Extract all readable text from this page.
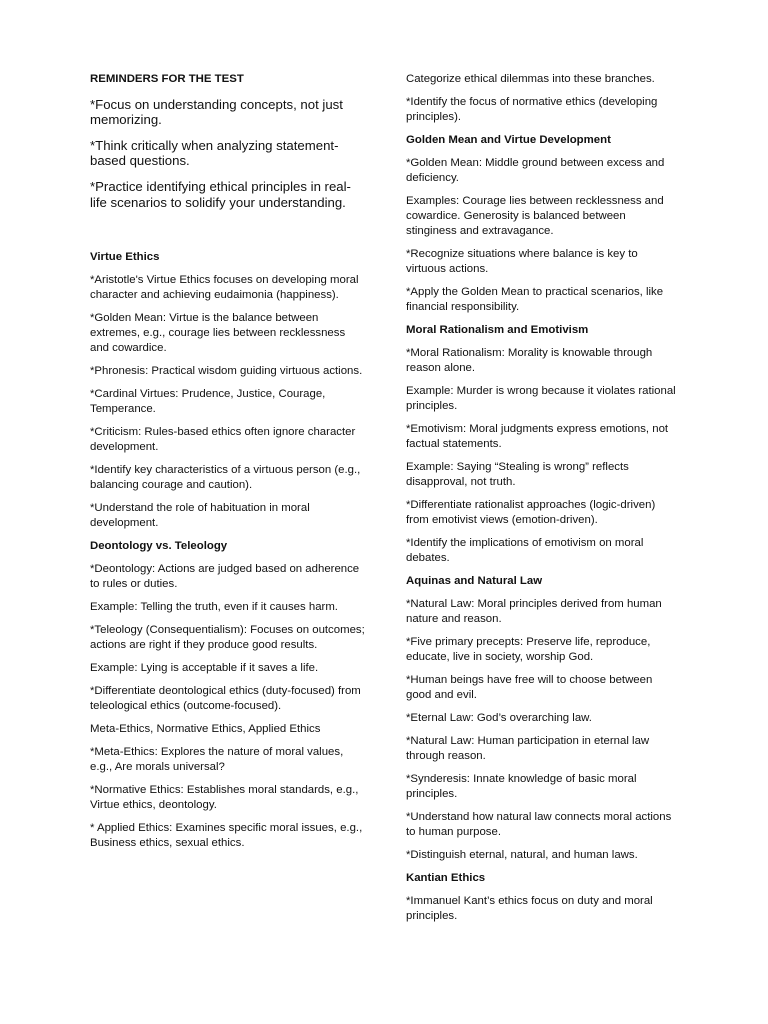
REMINDERS FOR THE TEST

*Focus on understanding concepts, not just memorizing.

*Think critically when analyzing statement-based questions.

*Practice identifying ethical principles in real-life scenarios to solidify your understanding.

Virtue Ethics

*Aristotle's Virtue Ethics focuses on developing moral character and achieving eudaimonia (happiness).

*Golden Mean: Virtue is the balance between extremes, e.g., courage lies between recklessness and cowardice.

*Phronesis: Practical wisdom guiding virtuous actions.

*Cardinal Virtues: Prudence, Justice, Courage, Temperance.

*Criticism: Rules-based ethics often ignore character development.

*Identify key characteristics of a virtuous person (e.g., balancing courage and caution).

*Understand the role of habituation in moral development.

Deontology vs. Teleology

*Deontology: Actions are judged based on adherence to rules or duties.

Example: Telling the truth, even if it causes harm.

*Teleology (Consequentialism): Focuses on outcomes; actions are right if they produce good results.

Example: Lying is acceptable if it saves a life.

*Differentiate deontological ethics (duty-focused) from teleological ethics (outcome-focused).

Meta-Ethics, Normative Ethics, Applied Ethics

*Meta-Ethics: Explores the nature of moral values, e.g., Are morals universal?

*Normative Ethics: Establishes moral standards, e.g., Virtue ethics, deontology.

* Applied Ethics: Examines specific moral issues, e.g., Business ethics, sexual ethics.

Categorize ethical dilemmas into these branches.

*Identify the focus of normative ethics (developing principles).

Golden Mean and Virtue Development

*Golden Mean: Middle ground between excess and deficiency.

Examples: Courage lies between recklessness and cowardice. Generosity is balanced between stinginess and extravagance.

*Recognize situations where balance is key to virtuous actions.

*Apply the Golden Mean to practical scenarios, like financial responsibility.

Moral Rationalism and Emotivism

*Moral Rationalism: Morality is knowable through reason alone.

Example: Murder is wrong because it violates rational principles.

*Emotivism: Moral judgments express emotions, not factual statements.

Example: Saying “Stealing is wrong” reflects disapproval, not truth.

*Differentiate rationalist approaches (logic-driven) from emotivist views (emotion-driven).

*Identify the implications of emotivism on moral debates.

Aquinas and Natural Law

*Natural Law: Moral principles derived from human nature and reason.

*Five primary precepts: Preserve life, reproduce, educate, live in society, worship God.

*Human beings have free will to choose between good and evil.

*Eternal Law: God’s overarching law.

*Natural Law: Human participation in eternal law through reason.

*Synderesis: Innate knowledge of basic moral principles.

*Understand how natural law connects moral actions to human purpose.

*Distinguish eternal, natural, and human laws.

Kantian Ethics

*Immanuel Kant’s ethics focus on duty and moral principles.
